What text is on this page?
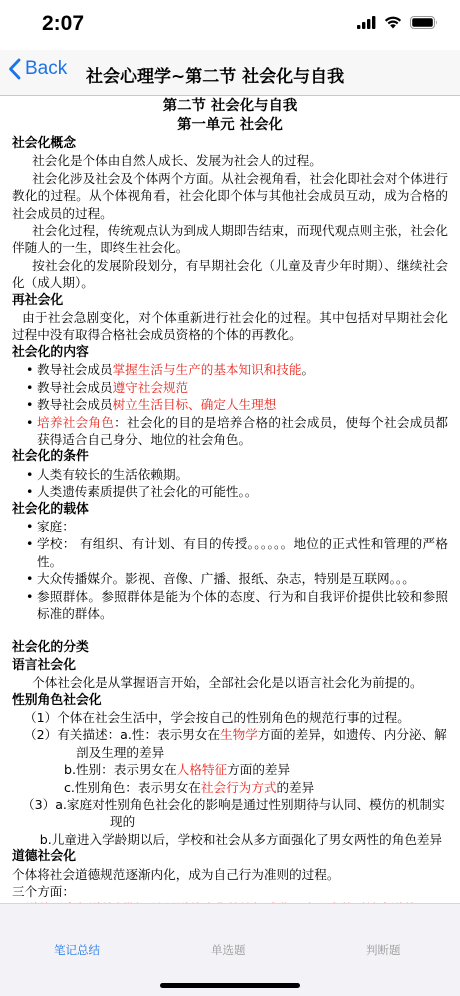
2:07
Back 社会心理学~第二节 社会化与自我
第二节 社会化与自我
第一单元 社会化
社会化概念
社会化是个体由自然人成长、发展为社会人的过程。
社会化涉及社会及个体两个方面。从社会视角看，社会化即社会对个体进行教化的过程。从个体视角看，社会化即个体与其他社会成员互动，成为合格的社会成员的过程。
社会化过程，传统观点认为到成人期即告结束，而现代观点则主张，社会化伴随人的一生，即终生社会化。
按社会化的发展阶段划分，有早期社会化（儿童及青少年时期）、继续社会化（成人期）。
再社会化
由于社会急剧变化，对个体重新进行社会化的过程。其中包括对早期社会化过程中没有取得合格社会成员资格的个体的再教化。
社会化的内容
• 教导社会成员掌握生活与生产的基本知识和技能。
• 教导社会成员遵守社会规范
• 教导社会成员树立生活目标、确定人生理想
• 培养社会角色：社会化的目的是培养合格的社会成员，使每个社会成员都获得适合自己身分、地位的社会角色。
社会化的条件
• 人类有较长的生活依赖期。
• 人类遗传素质提供了社会化的可能性。。
社会化的载体
• 家庭：
• 学校： 有组织、有计划、有目的传授。。。。。。地位的正式性和管理的严格性。
• 大众传播媒介。影视、音像、广播、报纸、杂志，特别是互联网。。。
• 参照群体。参照群体是能为个体的态度、行为和自我评价提供比较和参照标准的群体。
社会化的分类
语言社会化
个体社会化是从掌握语言开始，全部社会化是以语言社会化为前提的。
性别角色社会化
（1）个体在社会生活中，学会按自己的性别角色的规范行事的过程。
（2）有关描述：a.性：表示男女在生物学方面的差异，如遗传、内分泌、解剖及生理的差异
b.性别：表示男女在人格特征方面的差异
c.性别角色：表示男女在社会行为方式的差异
（3）a.家庭对性别角色社会化的影响是通过性别期待与认同、模仿的机制实现的
b.儿童进入学龄期以后，学校和社会从多方面强化了男女两性的角色差异
道德社会化
个体将社会道德规范逐渐内化，成为自己行为准则的过程。
三个方面：
笔记总结	单选题	判断题
